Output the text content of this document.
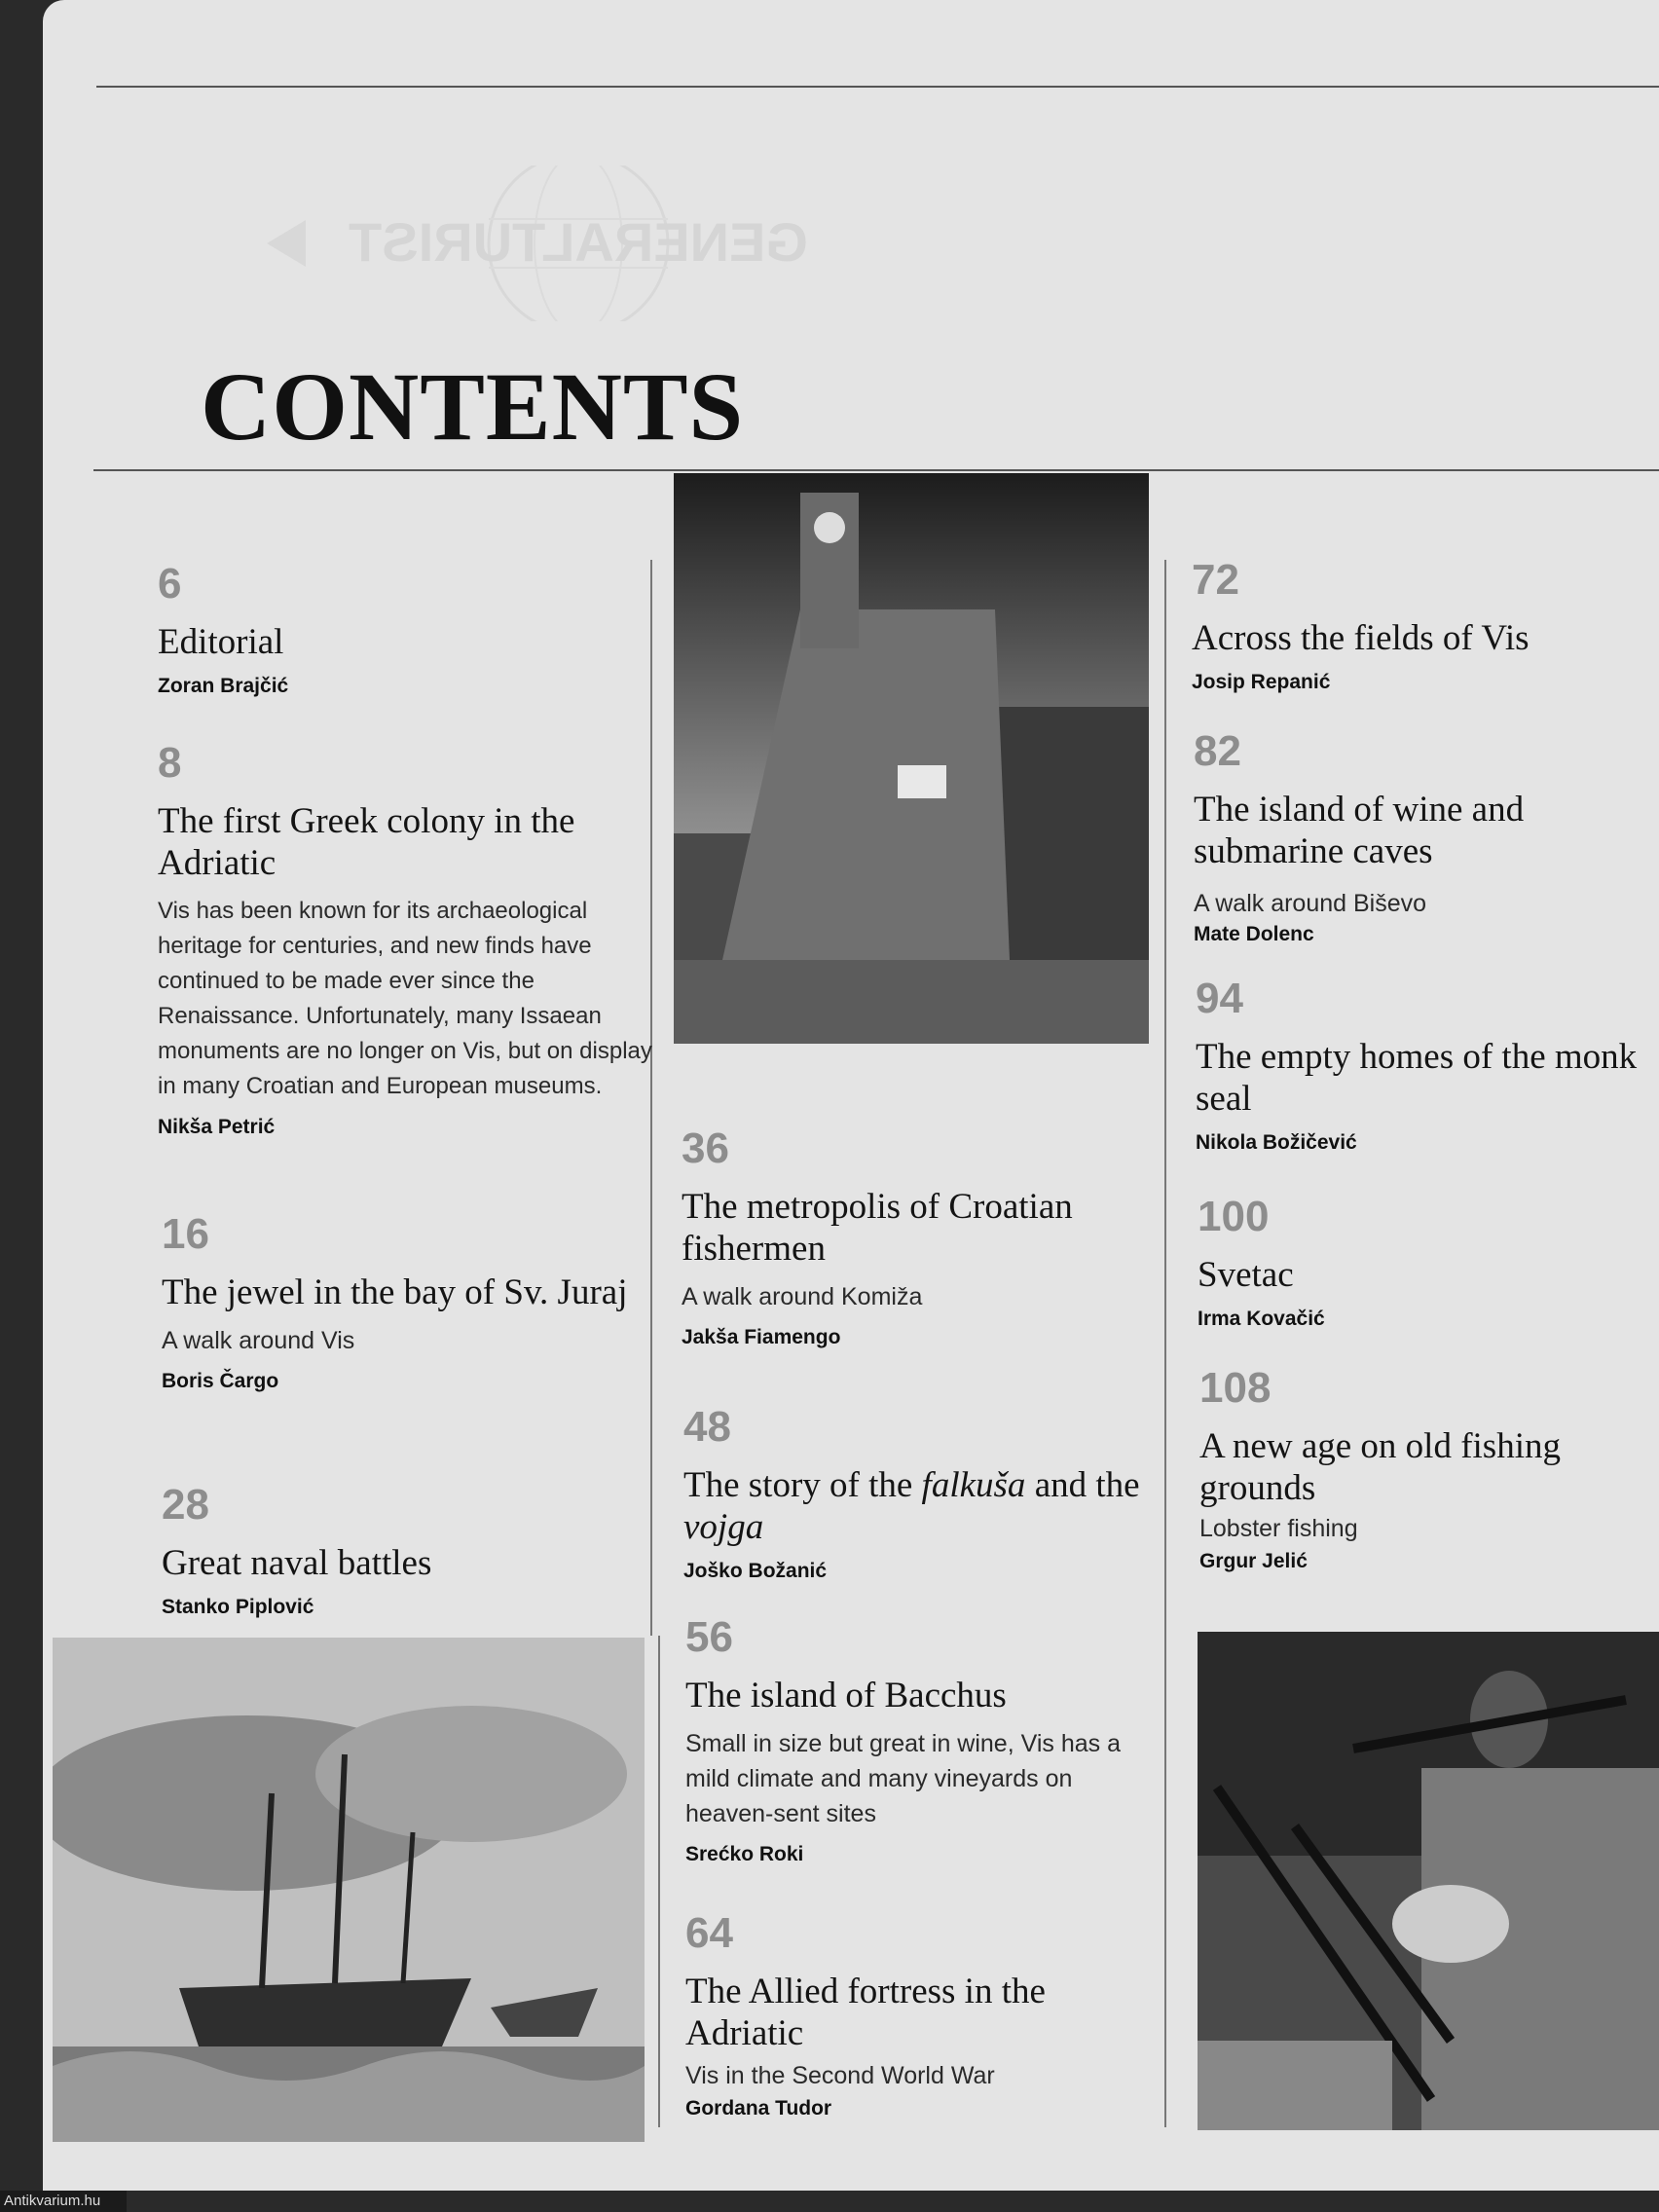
GENERALTURIST
CONTENTS
6
Editorial
Zoran Brajčić
8
The first Greek colony in the Adriatic
Vis has been known for its archaeological heritage for centuries, and new finds have continued to be made ever since the Renaissance. Unfortunately, many Issaean monuments are no longer on Vis, but on display in many Croatian and European museums.
Nikša Petrić
16
The jewel in the bay of Sv. Juraj
A walk around Vis
Boris Čargo
28
Great naval battles
Stanko Piplović
36
The metropolis of Croatian fishermen
A walk around Komiža
Jakša Fiamengo
48
The story of the falkuša and the vojga
Joško Božanić
56
The island of Bacchus
Small in size but great in wine, Vis has a mild climate and many vineyards on heaven-sent sites
Srećko Roki
64
The Allied fortress in the Adriatic
Vis in the Second World War
Gordana Tudor
72
Across the fields of Vis
Josip Repanić
82
The island of wine and submarine caves
A walk around Biševo
Mate Dolenc
94
The empty homes of the monk seal
Nikola Božičević
100
Svetac
Irma Kovačić
108
A new age on old fishing grounds
Lobster fishing
Grgur Jelić
Antikvarium.hu
